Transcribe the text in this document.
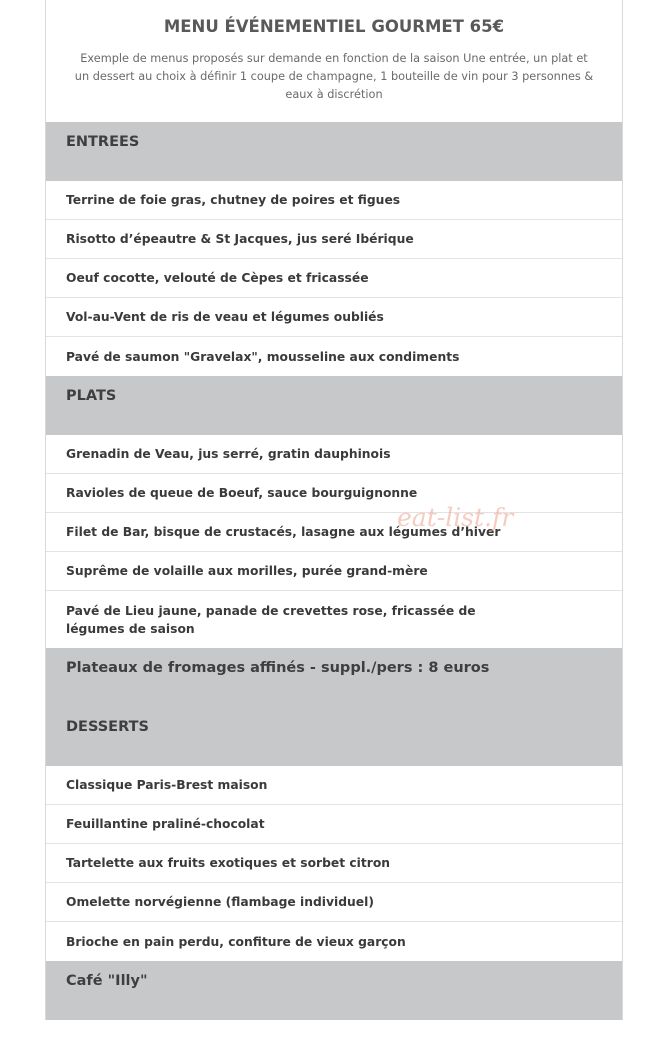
MENU ÉVÉNEMENTIEL GOURMET 65€
Exemple de menus proposés sur demande en fonction de la saison Une entrée, un plat et un dessert au choix à définir 1 coupe de champagne, 1 bouteille de vin pour 3 personnes & eaux à discrétion
ENTREES
Terrine de foie gras, chutney de poires et figues
Risotto d’épeautre & St Jacques, jus seré Ibérique
Oeuf cocotte, velouté de Cèpes et fricassée
Vol-au-Vent de ris de veau et légumes oubliés
Pavé de saumon "Gravelax", mousseline aux condiments
PLATS
Grenadin de Veau, jus serré, gratin dauphinois
Ravioles de queue de Boeuf, sauce bourguignonne
Filet de Bar, bisque de crustacés, lasagne aux légumes d’hiver
Suprême de volaille aux morilles, purée grand-mère
Pavé de Lieu jaune, panade de crevettes rose, fricassée de légumes de saison
Plateaux de fromages affinés - suppl./pers : 8 euros
DESSERTS
Classique Paris-Brest maison
Feuillantine praliné-chocolat
Tartelette aux fruits exotiques et sorbet citron
Omelette norvégienne (flambage individuel)
Brioche en pain perdu, confiture de vieux garçon
Café "Illy"
eat-list.fr
